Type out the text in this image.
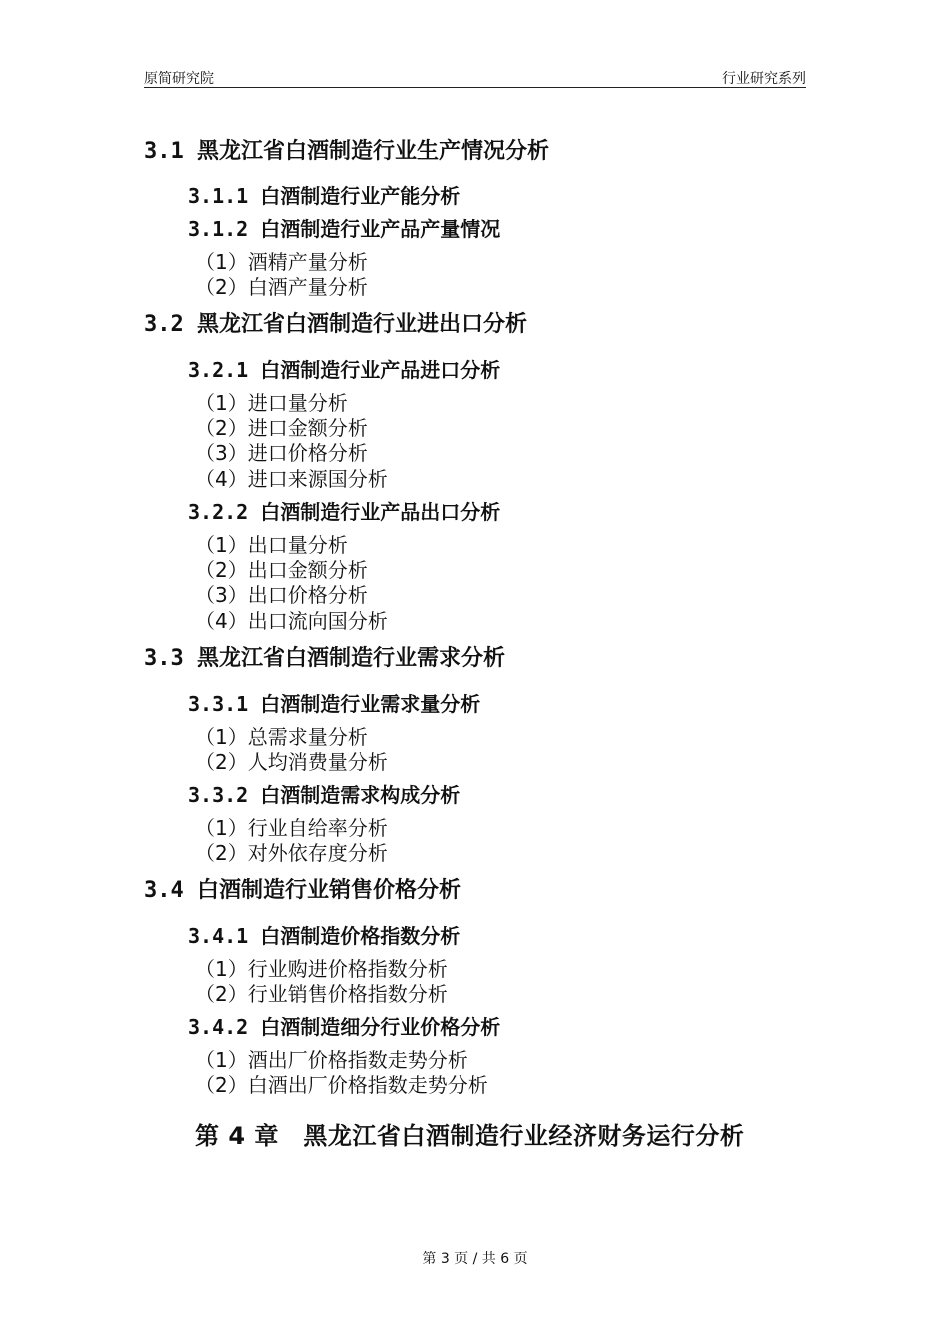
原简研究院	行业研究系列
3.1 黑龙江省白酒制造行业生产情况分析
3.1.1 白酒制造行业产能分析
3.1.2 白酒制造行业产品产量情况
（1）酒精产量分析
（2）白酒产量分析
3.2 黑龙江省白酒制造行业进出口分析
3.2.1 白酒制造行业产品进口分析
（1）进口量分析
（2）进口金额分析
（3）进口价格分析
（4）进口来源国分析
3.2.2 白酒制造行业产品出口分析
（1）出口量分析
（2）出口金额分析
（3）出口价格分析
（4）出口流向国分析
3.3 黑龙江省白酒制造行业需求分析
3.3.1 白酒制造行业需求量分析
（1）总需求量分析
（2）人均消费量分析
3.3.2 白酒制造需求构成分析
（1）行业自给率分析
（2）对外依存度分析
3.4 白酒制造行业销售价格分析
3.4.1 白酒制造价格指数分析
（1）行业购进价格指数分析
（2）行业销售价格指数分析
3.4.2 白酒制造细分行业价格分析
（1）酒出厂价格指数走势分析
（2）白酒出厂价格指数走势分析
第 4 章　黑龙江省白酒制造行业经济财务运行分析
第 3 页 / 共 6 页
